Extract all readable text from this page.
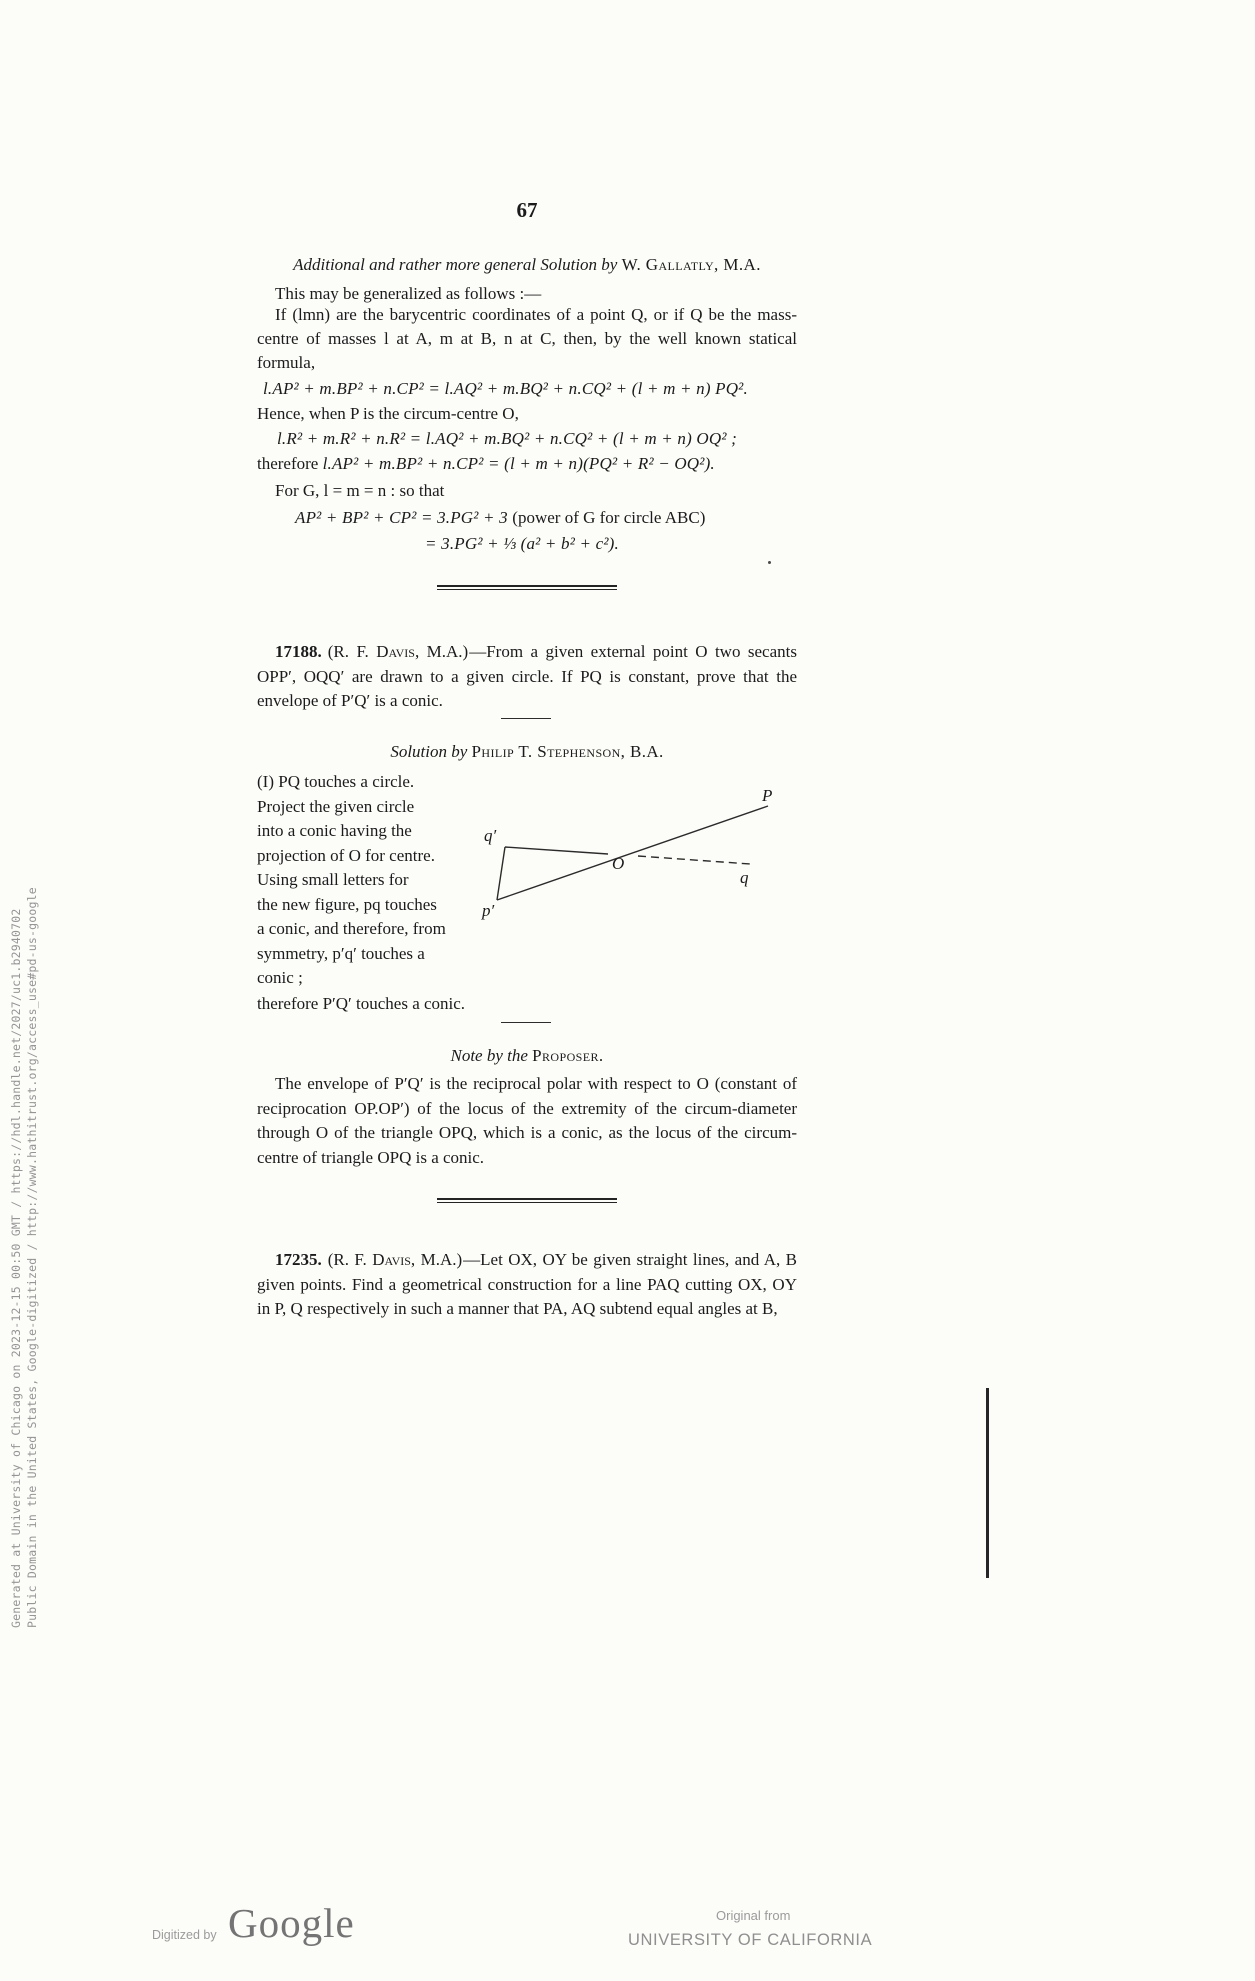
67
Additional and rather more general Solution by W. Gallatly, M.A.
This may be generalized as follows :—
If (lmn) are the barycentric coordinates of a point Q, or if Q be the mass-centre of masses l at A, m at B, n at C, then, by the well known statical formula,
l.AP² + m.BP² + n.CP² = l.AQ² + m.BQ² + n.CQ² + (l + m + n) PQ².
Hence, when P is the circum-centre O,
l.R² + m.R² + n.R² = l.AQ² + m.BQ² + n.CQ² + (l + m + n) OQ² ;
therefore l.AP² + m.BP² + n.CP² = (l + m + n)(PQ² + R² − OQ²).
For G, l = m = n : so that
AP² + BP² + CP² = 3.PG² + 3 (power of G for circle ABC)
= 3.PG² + ⅓ (a² + b² + c²).
17188. (R. F. Davis, M.A.)—From a given external point O two secants OPP′, OQQ′ are drawn to a given circle. If PQ is constant, prove that the envelope of P′Q′ is a conic.
Solution by Philip T. Stephenson, B.A.
(I) PQ touches a circle.
Project the given circle
into a conic having the
projection of O for centre.
Using small letters for
the new figure, pq touches
a conic, and therefore, from
symmetry, p′q′ touches a
conic ;
P
q′
p′
O
q
therefore P′Q′ touches a conic.
Note by the Proposer.
The envelope of P′Q′ is the reciprocal polar with respect to O (constant of reciprocation OP.OP′) of the locus of the extremity of the circum-diameter through O of the triangle OPQ, which is a conic, as the locus of the circum-centre of triangle OPQ is a conic.
17235. (R. F. Davis, M.A.)—Let OX, OY be given straight lines, and A, B given points. Find a geometrical construction for a line PAQ cutting OX, OY in P, Q respectively in such a manner that PA, AQ subtend equal angles at B,
Generated at University of Chicago on 2023-12-15 00:50 GMT / https://hdl.handle.net/2027/uc1.b2940702 Public Domain in the United States, Google-digitized / http://www.hathitrust.org/access_use#pd-us-google
Digitized by Google	Original from
UNIVERSITY OF CALIFORNIA
